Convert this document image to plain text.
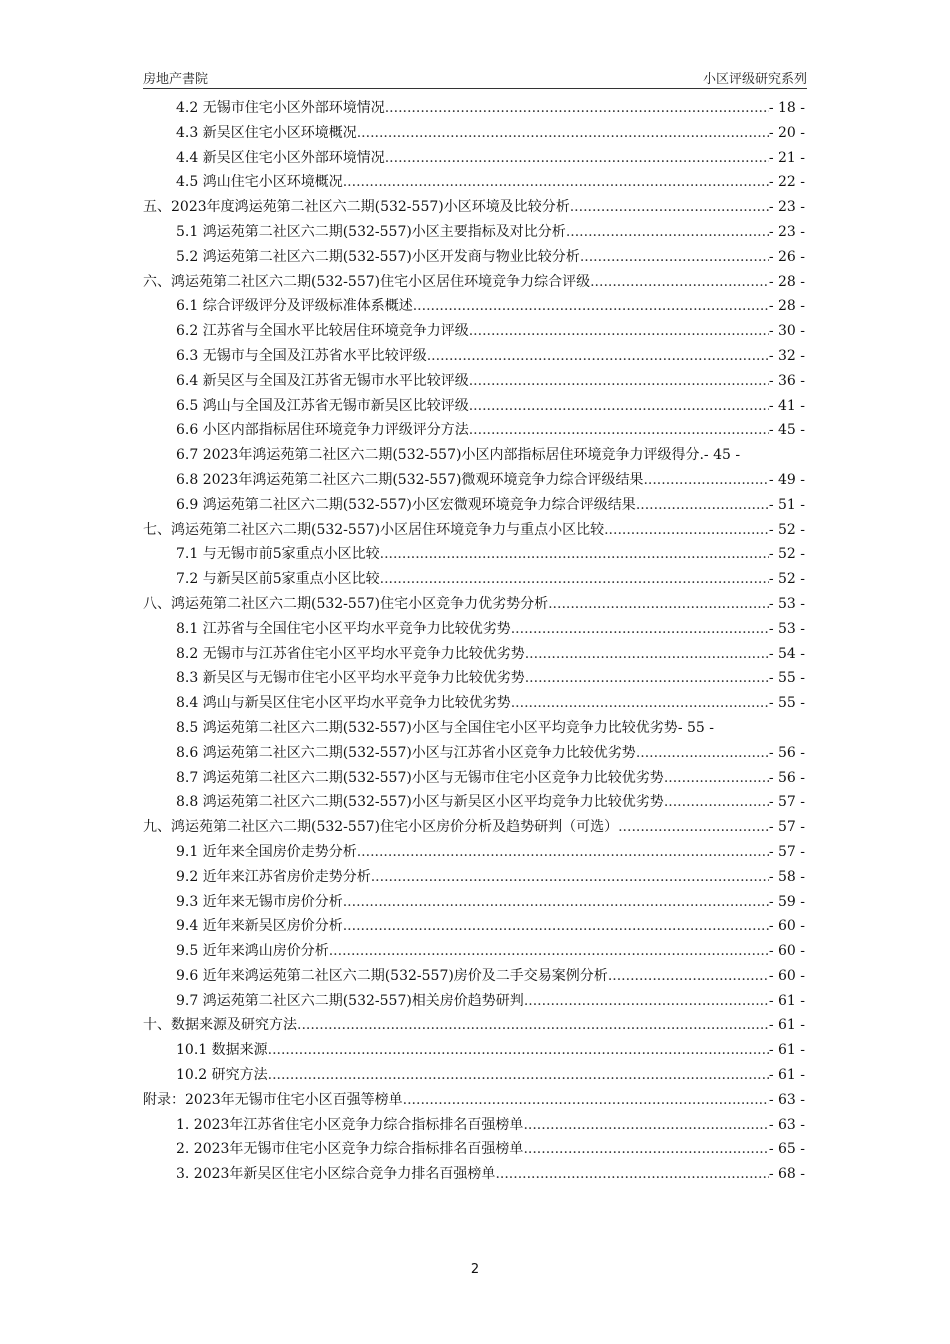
房地产書院	小区评级研究系列
4.2 无锡市住宅小区外部环境情况 .....	- 18 -
4.3 新吴区住宅小区环境概况 .....	- 20 -
4.4 新吴区住宅小区外部环境情况 .....	- 21 -
4.5 鸿山住宅小区环境概况 .....	- 22 -
五、2023年度鸿运苑第二社区六二期(532-557)小区环境及比较分析 .....	- 23 -
5.1 鸿运苑第二社区六二期(532-557)小区主要指标及对比分析 .....	- 23 -
5.2 鸿运苑第二社区六二期(532-557)小区开发商与物业比较分析 .....	- 26 -
六、鸿运苑第二社区六二期(532-557)住宅小区居住环境竞争力综合评级 .....	- 28 -
6.1 综合评级评分及评级标准体系概述 .....	- 28 -
6.2 江苏省与全国水平比较居住环境竞争力评级 .....	- 30 -
6.3 无锡市与全国及江苏省水平比较评级 .....	- 32 -
6.4 新吴区与全国及江苏省无锡市水平比较评级 .....	- 36 -
6.5 鸿山与全国及江苏省无锡市新吴区比较评级 .....	- 41 -
6.6 小区内部指标居住环境竞争力评级评分方法 .....	- 45 -
6.7 2023年鸿运苑第二社区六二期(532-557)小区内部指标居住环境竞争力评级得分.- 45 -
6.8 2023年鸿运苑第二社区六二期(532-557)微观环境竞争力综合评级结果 .....	- 49 -
6.9 鸿运苑第二社区六二期(532-557)小区宏微观环境竞争力综合评级结果 .....	- 51 -
七、鸿运苑第二社区六二期(532-557)小区居住环境竞争力与重点小区比较 .....	- 52 -
7.1 与无锡市前5家重点小区比较 .....	- 52 -
7.2 与新吴区前5家重点小区比较 .....	- 52 -
八、鸿运苑第二社区六二期(532-557)住宅小区竞争力优劣势分析 .....	- 53 -
8.1 江苏省与全国住宅小区平均水平竞争力比较优劣势 .....	- 53 -
8.2 无锡市与江苏省住宅小区平均水平竞争力比较优劣势 .....	- 54 -
8.3 新吴区与无锡市住宅小区平均水平竞争力比较优劣势 .....	- 55 -
8.4 鸿山与新吴区住宅小区平均水平竞争力比较优劣势 .....	- 55 -
8.5 鸿运苑第二社区六二期(532-557)小区与全国住宅小区平均竞争力比较优劣势- 55 -
8.6 鸿运苑第二社区六二期(532-557)小区与江苏省小区竞争力比较优劣势 .....	- 56 -
8.7 鸿运苑第二社区六二期(532-557)小区与无锡市住宅小区竞争力比较优劣势 .....	- 56 -
8.8 鸿运苑第二社区六二期(532-557)小区与新吴区小区平均竞争力比较优劣势 .....	- 57 -
九、鸿运苑第二社区六二期(532-557)住宅小区房价分析及趋势研判（可选） .....	- 57 -
9.1 近年来全国房价走势分析 .....	- 57 -
9.2 近年来江苏省房价走势分析 .....	- 58 -
9.3 近年来无锡市房价分析 .....	- 59 -
9.4 近年来新吴区房价分析 .....	- 60 -
9.5 近年来鸿山房价分析 .....	- 60 -
9.6 近年来鸿运苑第二社区六二期(532-557)房价及二手交易案例分析 .....	- 60 -
9.7 鸿运苑第二社区六二期(532-557)相关房价趋势研判 .....	- 61 -
十、数据来源及研究方法 .....	- 61 -
10.1 数据来源 .....	- 61 -
10.2 研究方法 .....	- 61 -
附录：2023年无锡市住宅小区百强等榜单 .....	- 63 -
1. 2023年江苏省住宅小区竞争力综合指标排名百强榜单 .....	- 63 -
2. 2023年无锡市住宅小区竞争力综合指标排名百强榜单 .....	- 65 -
3. 2023年新吴区住宅小区综合竞争力排名百强榜单 .....	- 68 -
2
